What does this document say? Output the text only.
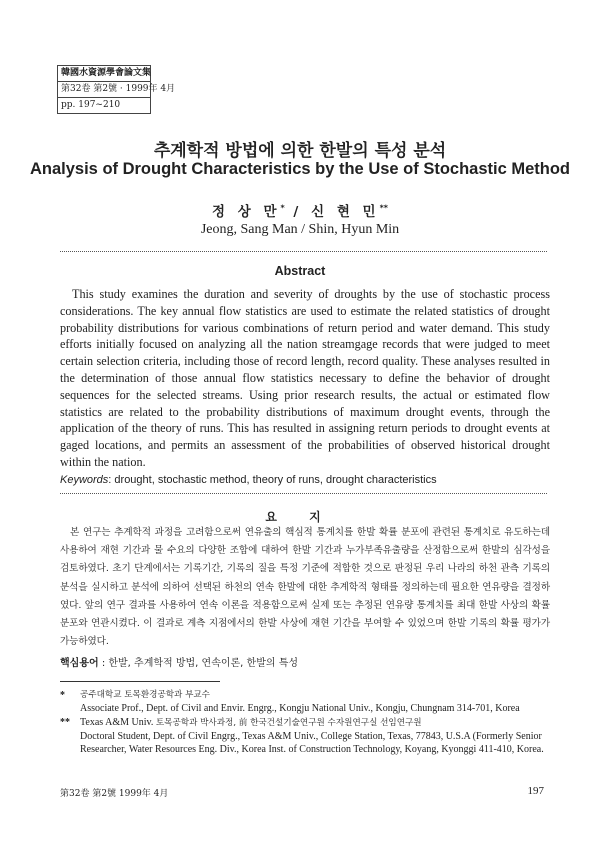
韓國水資源學會論文集
第32卷 第2號 · 1999年 4月
pp. 197~210
추계학적 방법에 의한 한발의 특성 분석
Analysis of Drought Characteristics by the Use of Stochastic Method
정 상 만* / 신 현 민**
Jeong, Sang Man / Shin, Hyun Min
Abstract

This study examines the duration and severity of droughts by the use of stochastic process considerations. The key annual flow statistics are used to estimate the related statistics of drought probability distributions for various combinations of return period and water demand. This study efforts initially focused on analyzing all the nation streamgage records that were judged to meet certain selection criteria, including those of record length, record quality. These analyses resulted in the determination of those annual flow statistics necessary to define the behavior of drought sequences for the selected streams. Using prior research results, the actual or estimated flow statistics are related to the probability distributions of maximum drought events, through the application of the theory of runs. This has resulted in assigning return periods to drought events at gaged locations, and permits an assessment of the probabilities of observed historical drought within the nation.

Keywords: drought, stochastic method, theory of runs, drought characteristics

요 지

본 연구는 추계학적 과정을 고려함으로써 연유출의 핵심적 통계치를 한발 확률 분포에 관련된 통계치로 유도하는데 사용하여 재현 기간과 물 수요의 다양한 조합에 대하여 한발 기간과 누가부족유출량을 산정함으로써 한발의 심각성을 검토하였다. 초기 단계에서는 기록기간, 기록의 질을 특정 기준에 적합한 것으로 판정된 우리 나라의 하천 관측 기록의 분석을 실시하고 분석에 의하여 선택된 하천의 연속 한발에 대한 추계학적 형태를 정의하는데 필요한 연유량을 결정하였다. 앞의 연구 결과를 사용하여 연속 이론을 적용함으로써 실제 또는 추정된 연유량 통계치를 최대 한발 사상의 확률 분포와 연관시켰다. 이 결과로 계측 지점에서의 한발 사상에 재현 기간을 부여할 수 있었으며 한발 기록의 확률 평가가 가능하였다.

핵심용어 : 한발, 추계학적 방법, 연속이론, 한발의 특성

*	공주대학교 토목환경공학과 부교수
Associate Prof., Dept. of Civil and Envir. Engrg., Kongju National Univ., Kongju, Chungnam 314-701, Korea
**	Texas A&M Univ. 토목공학과 박사과정, 前 한국건설기술연구원 수자원연구실 선임연구원
Doctoral Student, Dept. of Civil Engrg., Texas A&M Univ., College Station, Texas, 77843, U.S.A (Formerly Senior Researcher, Water Resources Eng. Div., Korea Inst. of Construction Technology, Koyang, Kyonggi 411-410, Korea.
第32卷 第2號 1999年 4月	197
